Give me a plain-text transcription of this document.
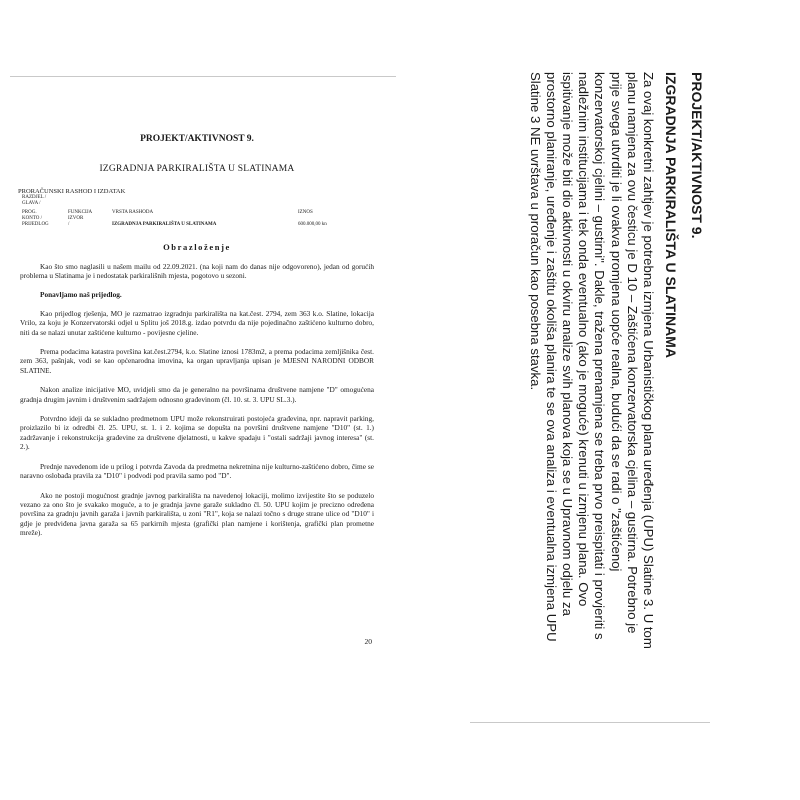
PROJEKT/AKTIVNOST 9.
IZGRADNJA PARKIRALIŠTA U SLATINAMA
PRORAČUNSKI RASHOD I IZDATAK
RAZDJEL /
GLAVA /
PROG.	FUNKCIJA	VRSTA RASHODA	IZNOS
KONTO /	IZVOR		
PRIJEDLOG	/	IZGRADNJA PARKIRALIŠTA U SLATINAMA	600.000,00 kn
Obrazloženje

Kao što smo naglasili u našem mailu od 22.09.2021. (na koji nam do danas nije odgovoreno), jedan od gorućih problema u Slatinama je i nedostatak parkirališnih mjesta, pogotovo u sezoni.

Ponavljamo naš prijedlog.

Kao prijedlog rješenja, MO je razmatrao izgradnju parkirališta na kat.čest. 2794, zem 363 k.o. Slatine, lokacija Vrilo, za koju je Konzervatorski odjel u Splitu još 2018.g. izdao potvrdu da nije pojedinačno zaštićeno kulturno dobro, niti da se nalazi unutar zaštićene kulturno - povijesne cjeline.

Prema podacima katastra površina kat.čest.2794, k.o. Slatine iznosi 1783m2, a prema podacima zemljišnika čest. zem 363, pašnjak, vodi se kao općenarodna imovina, ka organ upravljanja upisan je MJESNI NARODNI ODBOR SLATINE.

Nakon analize inicijative MO, uvidjeli smo da je generalno na površinama društvene namjene "D" omogućena gradnja drugim javnim i društvenim sadržajem odnosno građevinom (čl. 10. st. 3. UPU SL.3.).

Potvrdno ideji da se sukladno predmetnom UPU može rekonstruirati postojeća građevina, npr. napravit parking, proizlazilo bi iz odredbi čl. 25. UPU, st. 1. i 2. kojima se dopušta na površini društvene namjene "D10" (st. 1.) zadržavanje i rekonstrukcija građevine za društvene djelatnosti, u kakve spadaju i "ostali sadržaji javnog interesa" (st. 2.).

Prednje navedenom ide u prilog i potvrda Zavoda da predmetna nekretnina nije kulturno-zaštićeno dobro, čime se naravno oslobađa pravila za "D10" i podvodi pod pravila samo pod "D".

Ako ne postoji mogućnost gradnje javnog parkirališta na navedenoj lokaciji, molimo izvijestite što se poduzelo vezano za ono što je svakako moguće, a to je gradnja javne garaže sukladno čl. 50. UPU kojim je precizno određena površina za gradnju javnih garaža i javnih parkirališta, u zoni "R1", koja se nalazi točno s druge strane ulice od "D10" i gdje je predviđena javna garaža sa 65 parkirnih mjesta (grafički plan namjene i korištenja, grafički plan prometne mreže).

20

PROJEKT/AKTIVNOST 9.

IZGRADNJA PARKIRALIŠTA U SLATINAMA

Za ovaj konkretni zahtjev je potrebna izmjena Urbanističkog plana uređenja (UPU) Slatine 3. U tom planu namjena za ovu česticu je D 10 – Zaštićena konzervatorska cjelina – gustirna. Potrebno je prije svega utvrditi je li ovakva promjena uopće realna, budući da se radi o "zaštićenoj konzervatorskoj cjelini – gustirni". Dakle, tražena prenamjena se treba prvo preispitati i provjeriti s nadležnim institucijama i tek onda eventualno (ako je moguće) krenuti u izmjenu plana. Ovo ispitivanje može biti dio aktivnosti u okviru analize svih planova koja se u Upravnom odjelu za prostorno planiranje, uređenje i zaštitu okoliša planira te se ova analiza i eventualna izmjena UPU Slatine 3 NE uvrštava u proračun kao posebna stavka.
